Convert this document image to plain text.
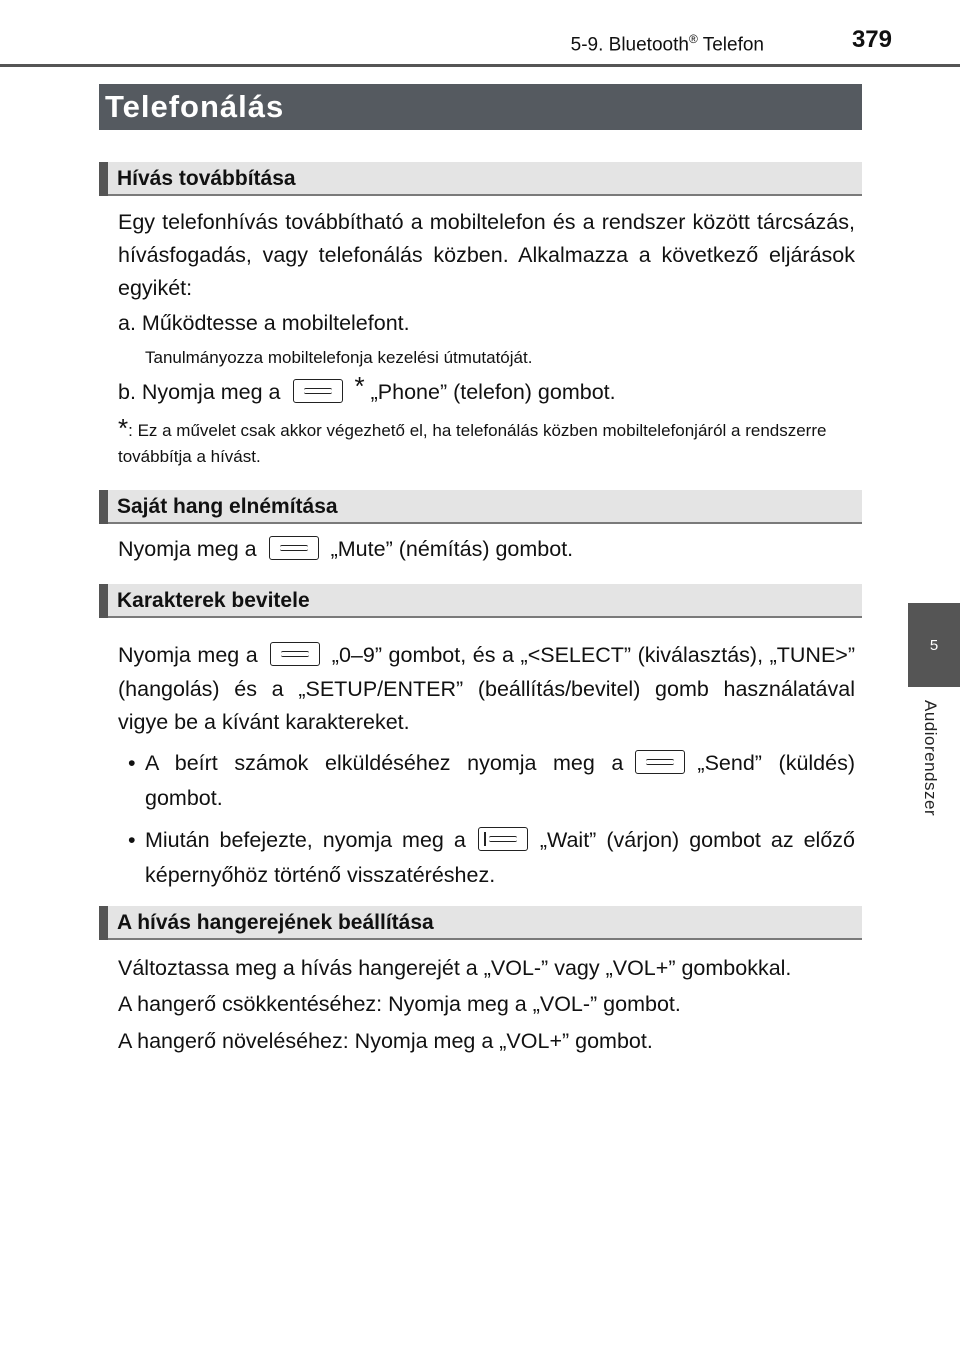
5-9. Bluetooth® Telefon	379
5
Audiorendszer
Telefonálás
Hívás továbbítása
Egy telefonhívás továbbítható a mobiltelefon és a rendszer között tárcsázás, hívásfogadás, vagy telefonálás közben. Alkalmazza a következő eljárások egyikét:
a. Működtesse a mobiltelefont.
Tanulmányozza mobiltelefonja kezelési útmutatóját.
b. Nyomja meg a	* „Phone” (telefon) gombot.
*: Ez a művelet csak akkor végezhető el, ha telefonálás közben mobiltelefonjáról a rendszerre továbbítja a hívást.
Saját hang elnémítása
Nyomja meg a	„Mute” (némítás) gombot.
Karakterek bevitele
Nyomja meg a	„0–9” gombot, és a „<SELECT” (kiválasztás), „TUNE>” (hangolás) és a „SETUP/ENTER” (beállítás/bevitel) gomb használatával vigye be a kívánt karaktereket.
• A beírt számok elküldéséhez nyomja meg a	„Send” (küldés) gombot.
• Miután befejezte, nyomja meg a	„Wait” (várjon) gombot az előző képernyőhöz történő visszatéréshez.
A hívás hangerejének beállítása
Változtassa meg a hívás hangerejét a „VOL-” vagy „VOL+” gombokkal.
A hangerő csökkentéséhez: Nyomja meg a „VOL-” gombot.
A hangerő növeléséhez: Nyomja meg a „VOL+” gombot.
